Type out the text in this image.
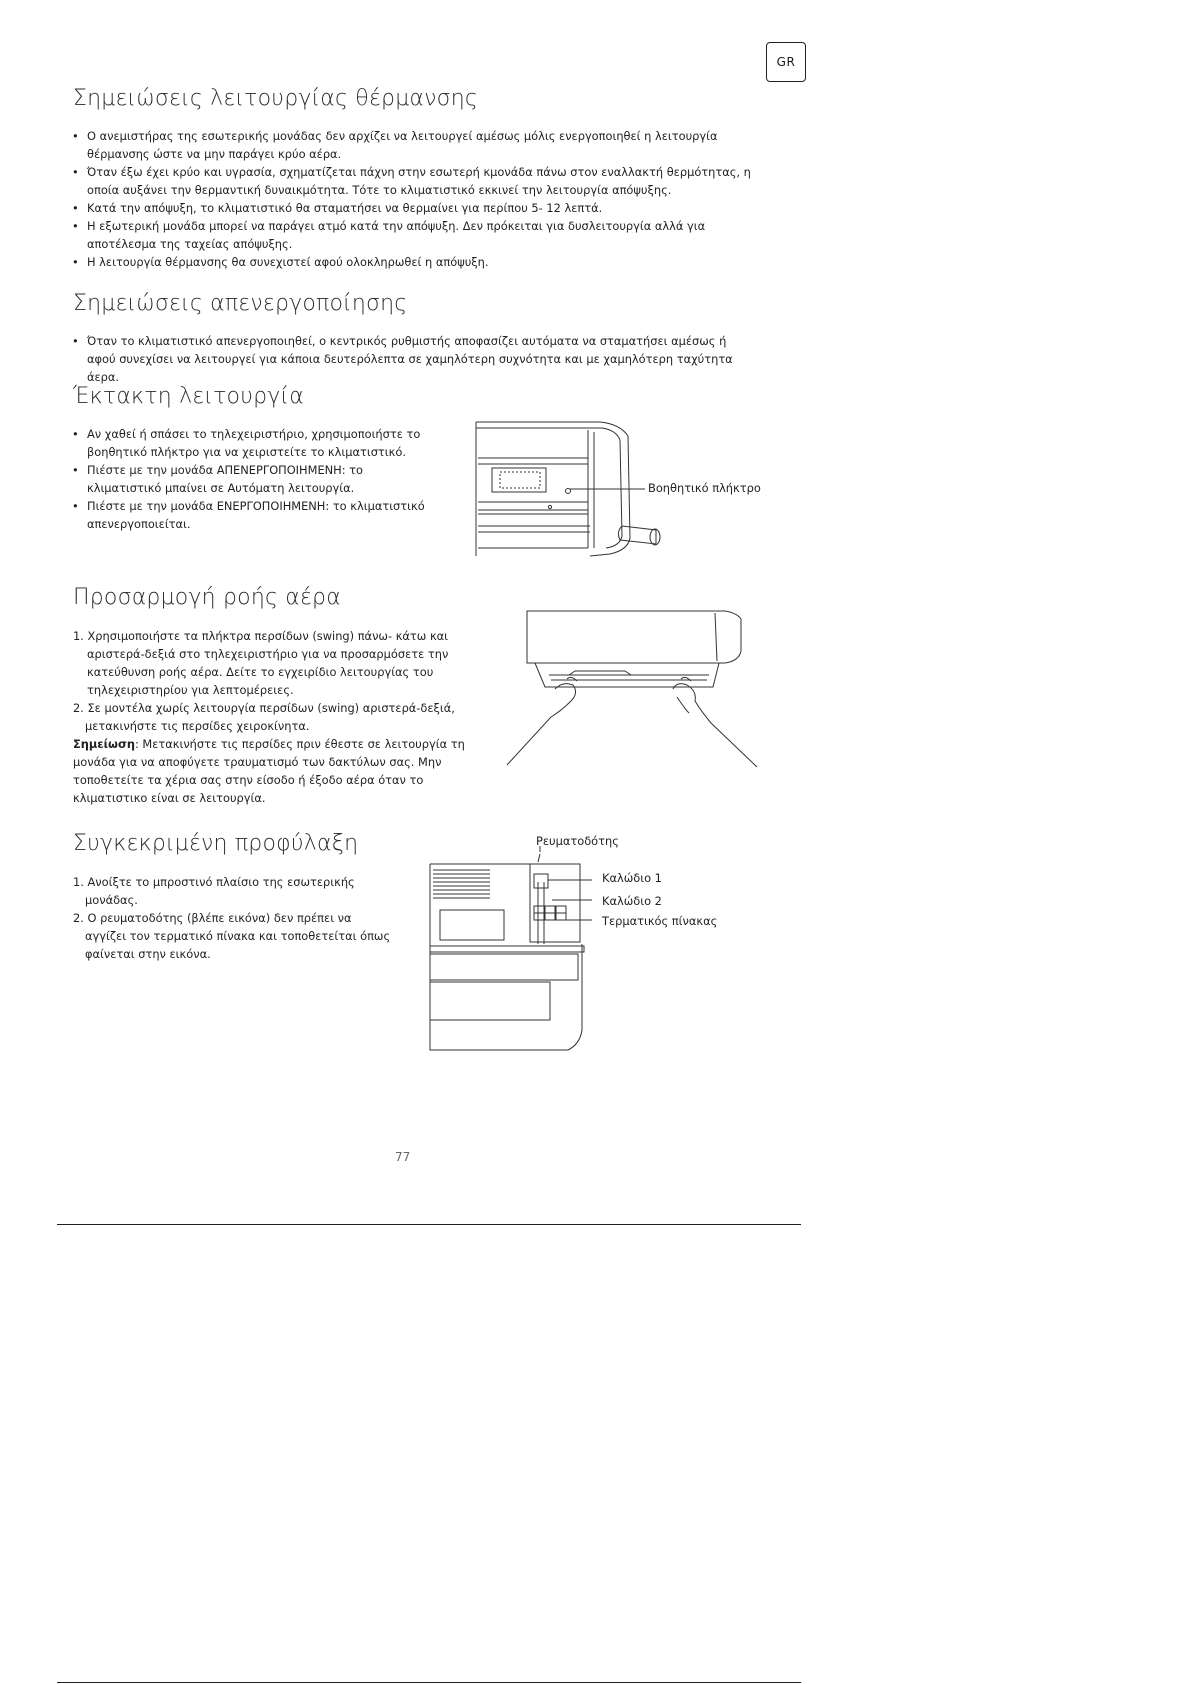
GR
Σημειώσεις λειτουργίας θέρμανσης
• Ο ανεμιστήρας της εσωτερικής μονάδας δεν αρχίζει να λειτουργεί αμέσως μόλις ενεργοποιηθεί η λειτουργία θέρμανσης ώστε να μην παράγει κρύο αέρα.
• Όταν έξω έχει κρύο και υγρασία, σχηματίζεται πάχνη στην εσωτερή κμονάδα πάνω στον εναλλακτή θερμότητας, η οποία αυξάνει την θερμαντική δυναικμότητα. Τότε το κλιματιστικό εκκινεί την λειτουργία απόψυξης.
• Κατά την απόψυξη, το κλιματιστικό θα σταματήσει να θερμαίνει για περίπου 5- 12 λεπτά.
• Η εξωτερική μονάδα μπορεί να παράγει ατμό κατά την απόψυξη. Δεν πρόκειται για δυσλειτουργία αλλά για αποτέλεσμα της ταχείας απόψυξης.
• Η λειτουργία θέρμανσης θα συνεχιστεί αφού ολοκληρωθεί η απόψυξη.
Σημειώσεις απενεργοποίησης
• Όταν το κλιματιστικό απενεργοποιηθεί, ο κεντρικός ρυθμιστής αποφασίζει αυτόματα να σταματήσει αμέσως ή αφού συνεχίσει να λειτουργεί για κάποια δευτερόλεπτα σε χαμηλότερη συχνότητα και με χαμηλότερη ταχύτητα άερα.
Έκτακτη λειτουργία
• Αν χαθεί ή σπάσει το τηλεχειριστήριο, χρησιμοποιήστε το βοηθητικό πλήκτρο για να χειριστείτε το κλιματιστικό.
• Πιέστε με την μονάδα ΑΠΕΝΕΡΓΟΠΟΙΗΜΕΝΗ: το κλιματιστικό μπαίνει σε Αυτόματη λειτουργία.
• Πιέστε με την μονάδα ΕΝΕΡΓΟΠΟΙΗΜΕΝΗ: το κλιματιστικό απενεργοποιείται.
Βοηθητικό πλήκτρο
Προσαρμογή ροής αέρα

1. Χρησιμοποιήστε τα πλήκτρα περσίδων (swing) πάνω- κάτω και αριστερά-δεξιά στο τηλεχειριστήριο για να προσαρμόσετε την κατεύθυνση ροής αέρα. Δείτε το εγχειρίδιο λειτουργίας του τηλεχειριστηρίου για λεπτομέρειες.

2. Σε μοντέλα χωρίς λειτουργία περσίδων (swing) αριστερά-δεξιά, μετακινήστε τις περσίδες χειροκίνητα.

Σημείωση: Μετακινήστε τις περσίδες πριν έθεστε σε λειτουργία τη μονάδα για να αποφύγετε τραυματισμό των δακτύλων σας. Μην τοποθετείτε τα χέρια σας στην είσοδο ή έξοδο αέρα όταν το κλιματιστικο είναι σε λειτουργία.

Συγκεκριμένη προφύλαξη

1. Ανοίξτε το μπροστινό πλαίσιο της εσωτερικής μονάδας.

2. Ο ρευματοδότης (βλέπε εικόνα) δεν πρέπει να αγγίζει τον τερματικό πίνακα και τοποθετείται όπως φαίνεται στην εικόνα.

Ρευματοδότης
Καλώδιο 1
Καλώδιο 2
Τερματικός πίνακας
77
